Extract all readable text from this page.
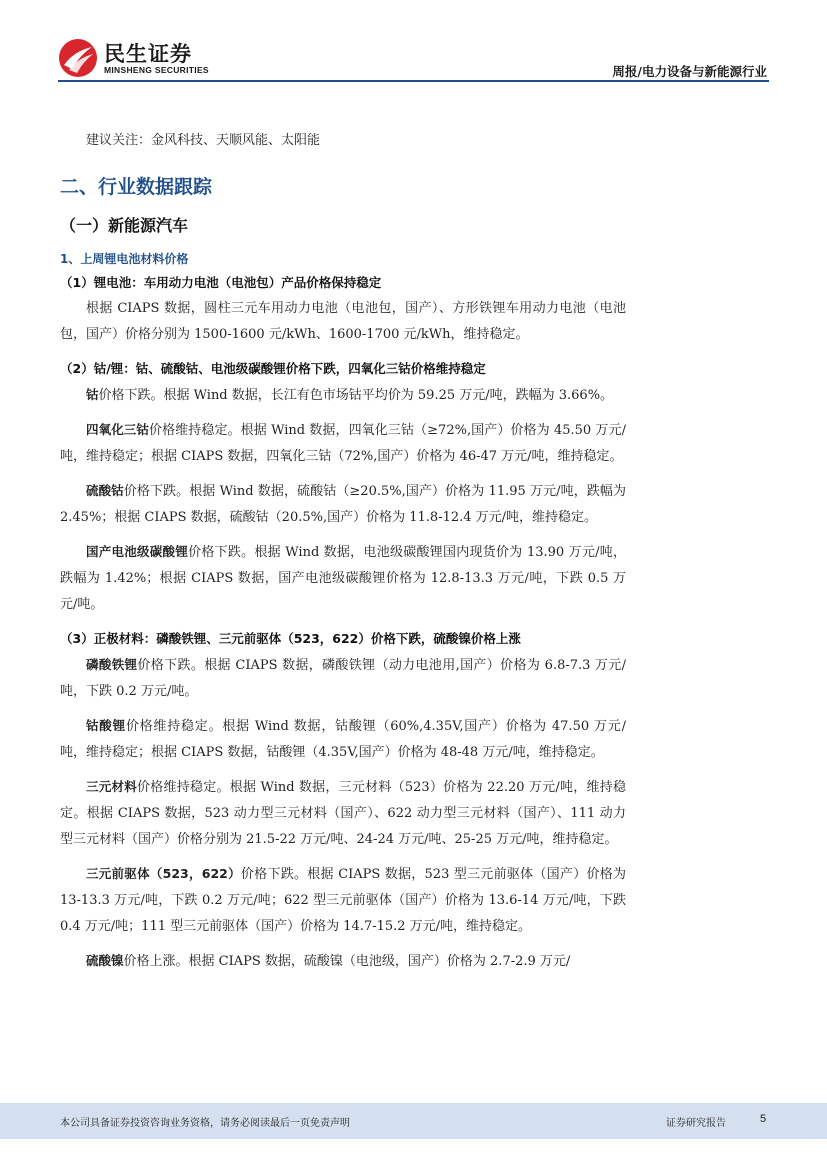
民生证券
MINSHENG SECURITIES	周报/电力设备与新能源行业

建议关注：金风科技、天顺风能、太阳能

二、行业数据跟踪
（一）新能源汽车
1、上周锂电池材料价格
（1）锂电池：车用动力电池（电池包）产品价格保持稳定

根据 CIAPS 数据，圆柱三元车用动力电池（电池包，国产）、方形铁锂车用动力电池（电池包，国产）价格分别为 1500-1600 元/kWh、1600-1700 元/kWh，维持稳定。

（2）钴/锂：钴、硫酸钴、电池级碳酸锂价格下跌，四氧化三钴价格维持稳定

钴价格下跌。根据 Wind 数据，长江有色市场钴平均价为 59.25 万元/吨，跌幅为 3.66%。

四氧化三钴价格维持稳定。根据 Wind 数据，四氧化三钴（≥72%,国产）价格为 45.50 万元/吨，维持稳定；根据 CIAPS 数据，四氧化三钴（72%,国产）价格为 46-47 万元/吨，维持稳定。

硫酸钴价格下跌。根据 Wind 数据，硫酸钴（≥20.5%,国产）价格为 11.95 万元/吨，跌幅为 2.45%；根据 CIAPS 数据，硫酸钴（20.5%,国产）价格为 11.8-12.4 万元/吨，维持稳定。

国产电池级碳酸锂价格下跌。根据 Wind 数据，电池级碳酸锂国内现货价为 13.90 万元/吨，跌幅为 1.42%；根据 CIAPS 数据，国产电池级碳酸锂价格为 12.8-13.3 万元/吨，下跌 0.5 万元/吨。

（3）正极材料：磷酸铁锂、三元前驱体（523，622）价格下跌，硫酸镍价格上涨

磷酸铁锂价格下跌。根据 CIAPS 数据，磷酸铁锂（动力电池用,国产）价格为 6.8-7.3 万元/吨，下跌 0.2 万元/吨。

钴酸锂价格维持稳定。根据 Wind 数据，钴酸锂（60%,4.35V,国产）价格为 47.50 万元/吨，维持稳定；根据 CIAPS 数据，钴酸锂（4.35V,国产）价格为 48-48 万元/吨，维持稳定。

三元材料价格维持稳定。根据 Wind 数据，三元材料（523）价格为 22.20 万元/吨，维持稳定。根据 CIAPS 数据，523 动力型三元材料（国产）、622 动力型三元材料（国产）、111 动力型三元材料（国产）价格分别为 21.5-22 万元/吨、24-24 万元/吨、25-25 万元/吨，维持稳定。

三元前驱体（523，622）价格下跌。根据 CIAPS 数据，523 型三元前驱体（国产）价格为 13-13.3 万元/吨，下跌 0.2 万元/吨；622 型三元前驱体（国产）价格为 13.6-14 万元/吨，下跌 0.4 万元/吨；111 型三元前驱体（国产）价格为 14.7-15.2 万元/吨，维持稳定。

硫酸镍价格上涨。根据 CIAPS 数据，硫酸镍（电池级，国产）价格为 2.7-2.9 万元/

本公司具备证券投资咨询业务资格，请务必阅读最后一页免责声明	证券研究报告	5
